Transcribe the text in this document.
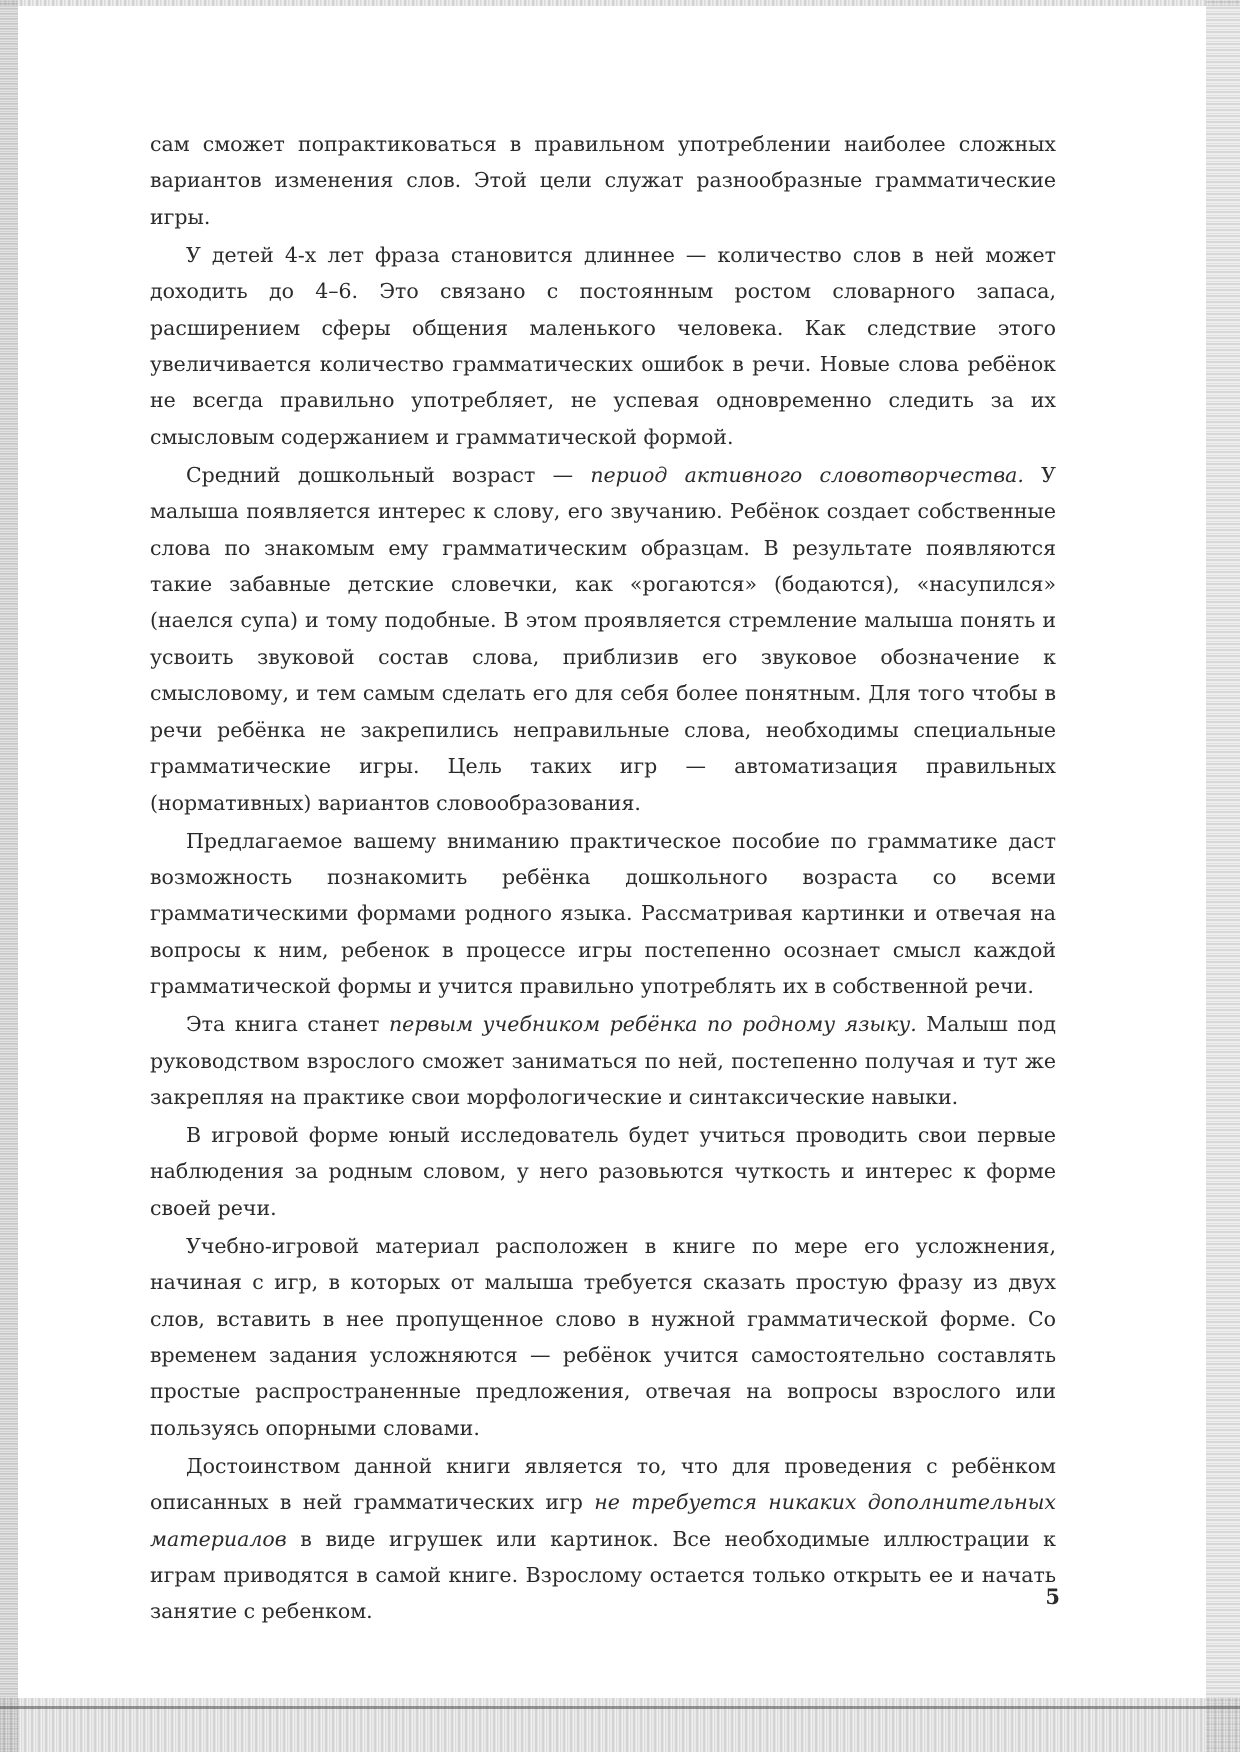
сам сможет попрактиковаться в правильном употреблении наиболее сложных вариантов изменения слов. Этой цели служат разнообразные грамматические игры.

У детей 4-х лет фраза становится длиннее — количество слов в ней может доходить до 4–6. Это связано с постоянным ростом словарного запаса, расширением сферы общения маленького человека. Как следствие этого увеличивается количество грамматических ошибок в речи. Новые слова ребёнок не всегда правильно употребляет, не успевая одновременно следить за их смысловым содержанием и грамматической формой.

Средний дошкольный возраст — период активного словотворчества. У малыша появляется интерес к слову, его звучанию. Ребёнок создает собственные слова по знакомым ему грамматическим образцам. В результате появляются такие забавные детские словечки, как «рогаются» (бодаются), «насупился» (наелся супа) и тому подобные. В этом проявляется стремление малыша понять и усвоить звуковой состав слова, приблизив его звуковое обозначение к смысловому, и тем самым сделать его для себя более понятным. Для того чтобы в речи ребёнка не закрепились неправильные слова, необходимы специальные грамматические игры. Цель таких игр — автоматизация правильных (нормативных) вариантов словообразования.

Предлагаемое вашему вниманию практическое пособие по грамматике даст возможность познакомить ребёнка дошкольного возраста со всеми грамматическими формами родного языка. Рассматривая картинки и отвечая на вопросы к ним, ребенок в процессе игры постепенно осознает смысл каждой грамматической формы и учится правильно употреблять их в собственной речи.

Эта книга станет первым учебником ребёнка по родному языку. Малыш под руководством взрослого сможет заниматься по ней, постепенно получая и тут же закрепляя на практике свои морфологические и синтаксические навыки.

В игровой форме юный исследователь будет учиться проводить свои первые наблюдения за родным словом, у него разовьются чуткость и интерес к форме своей речи.

Учебно-игровой материал расположен в книге по мере его усложнения, начиная с игр, в которых от малыша требуется сказать простую фразу из двух слов, вставить в нее пропущенное слово в нужной грамматической форме. Со временем задания усложняются — ребёнок учится самостоятельно составлять простые распространенные предложения, отвечая на вопросы взрослого или пользуясь опорными словами.

Достоинством данной книги является то, что для проведения с ребёнком описанных в ней грамматических игр не требуется никаких дополнительных материалов в виде игрушек или картинок. Все необходимые иллюстрации к играм приводятся в самой книге. Взрослому остается только открыть ее и начать занятие с ребенком.

5
